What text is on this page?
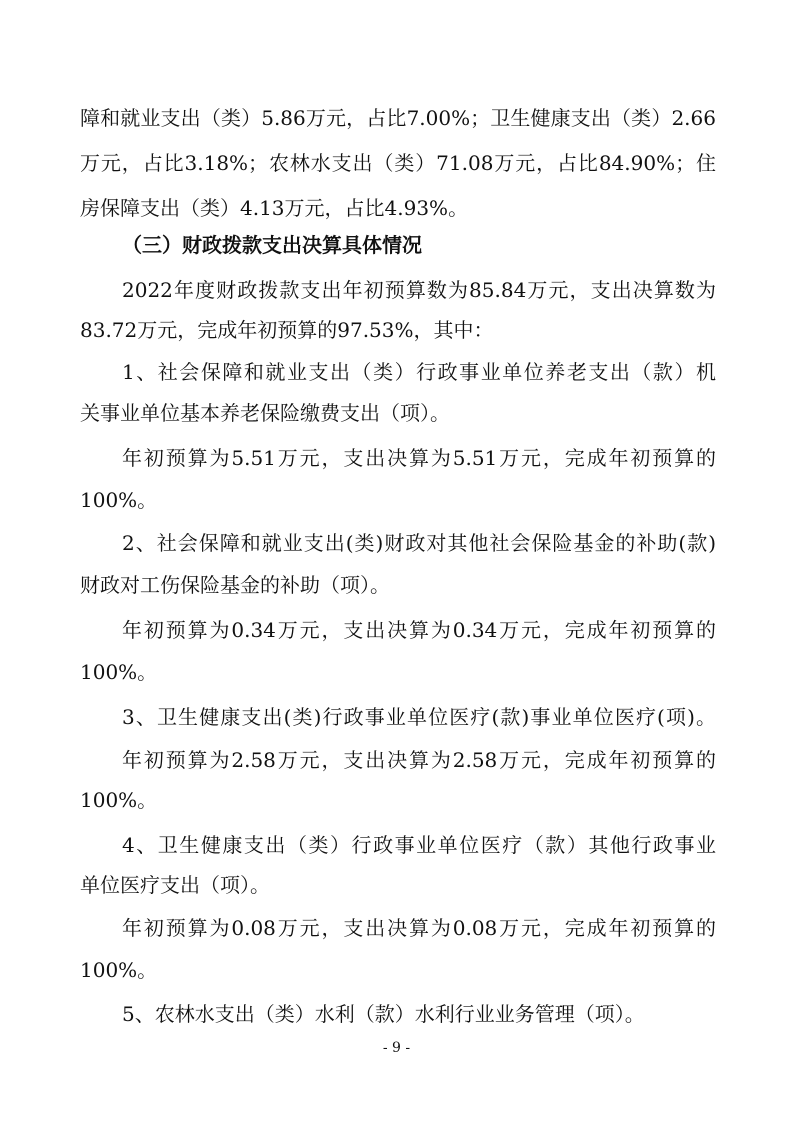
障和就业支出（类）5.86万元，占比7.00%；卫生健康支出（类）2.66
万元，占比3.18%；农林水支出（类）71.08万元，占比84.90%；住
房保障支出（类）4.13万元，占比4.93%。
（三）财政拨款支出决算具体情况
2022年度财政拨款支出年初预算数为85.84万元，支出决算数为
83.72万元，完成年初预算的97.53%，其中：
1、社会保障和就业支出（类）行政事业单位养老支出（款）机
关事业单位基本养老保险缴费支出（项）。
年初预算为5.51万元，支出决算为5.51万元，完成年初预算的
100%。
2、社会保障和就业支出(类)财政对其他社会保险基金的补助(款)
财政对工伤保险基金的补助（项）。
年初预算为0.34万元，支出决算为0.34万元，完成年初预算的
100%。
3、卫生健康支出(类)行政事业单位医疗(款)事业单位医疗(项)。
年初预算为2.58万元，支出决算为2.58万元，完成年初预算的
100%。
4、卫生健康支出（类）行政事业单位医疗（款）其他行政事业
单位医疗支出（项）。
年初预算为0.08万元，支出决算为0.08万元，完成年初预算的
100%。
5、农林水支出（类）水利（款）水利行业业务管理（项）。
- 9 -
